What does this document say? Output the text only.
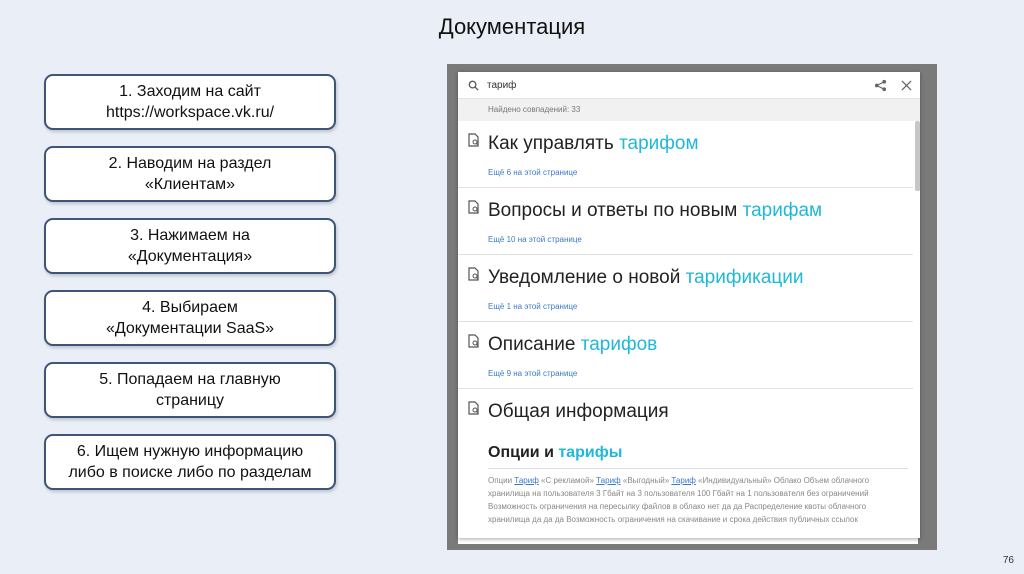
Документация
1. Заходим на сайт
https://workspace.vk.ru/
2. Наводим на раздел
«Клиентам»
3. Нажимаем на
«Документация»
4. Выбираем
«Документации SaaS»
5. Попадаем на главную
страницу
6. Ищем нужную информацию
либо в поиске либо по разделам
тариф
Найдено совпадений: 33
Как управлять тарифом
Ещё 6 на этой странице
Вопросы и ответы по новым тарифам
Ещё 10 на этой странице
Уведомление о новой тарификации
Ещё 1 на этой странице
Описание тарифов
Ещё 9 на этой странице
Общая информация
Опции и тарифы
Опции Тариф «С рекламой» Тариф «Выгодный» Тариф «Индивидуальный» Облако Объем облачного хранилища на пользователя 3 Гбайт на 3 пользователя 100 Гбайт на 1 пользователя без ограничений Возможность ограничения на пересылку файлов в облако нет да да Распределение квоты облачного хранилища да да да Возможность ограничения на скачивание и срока действия публичных ссылок
76
